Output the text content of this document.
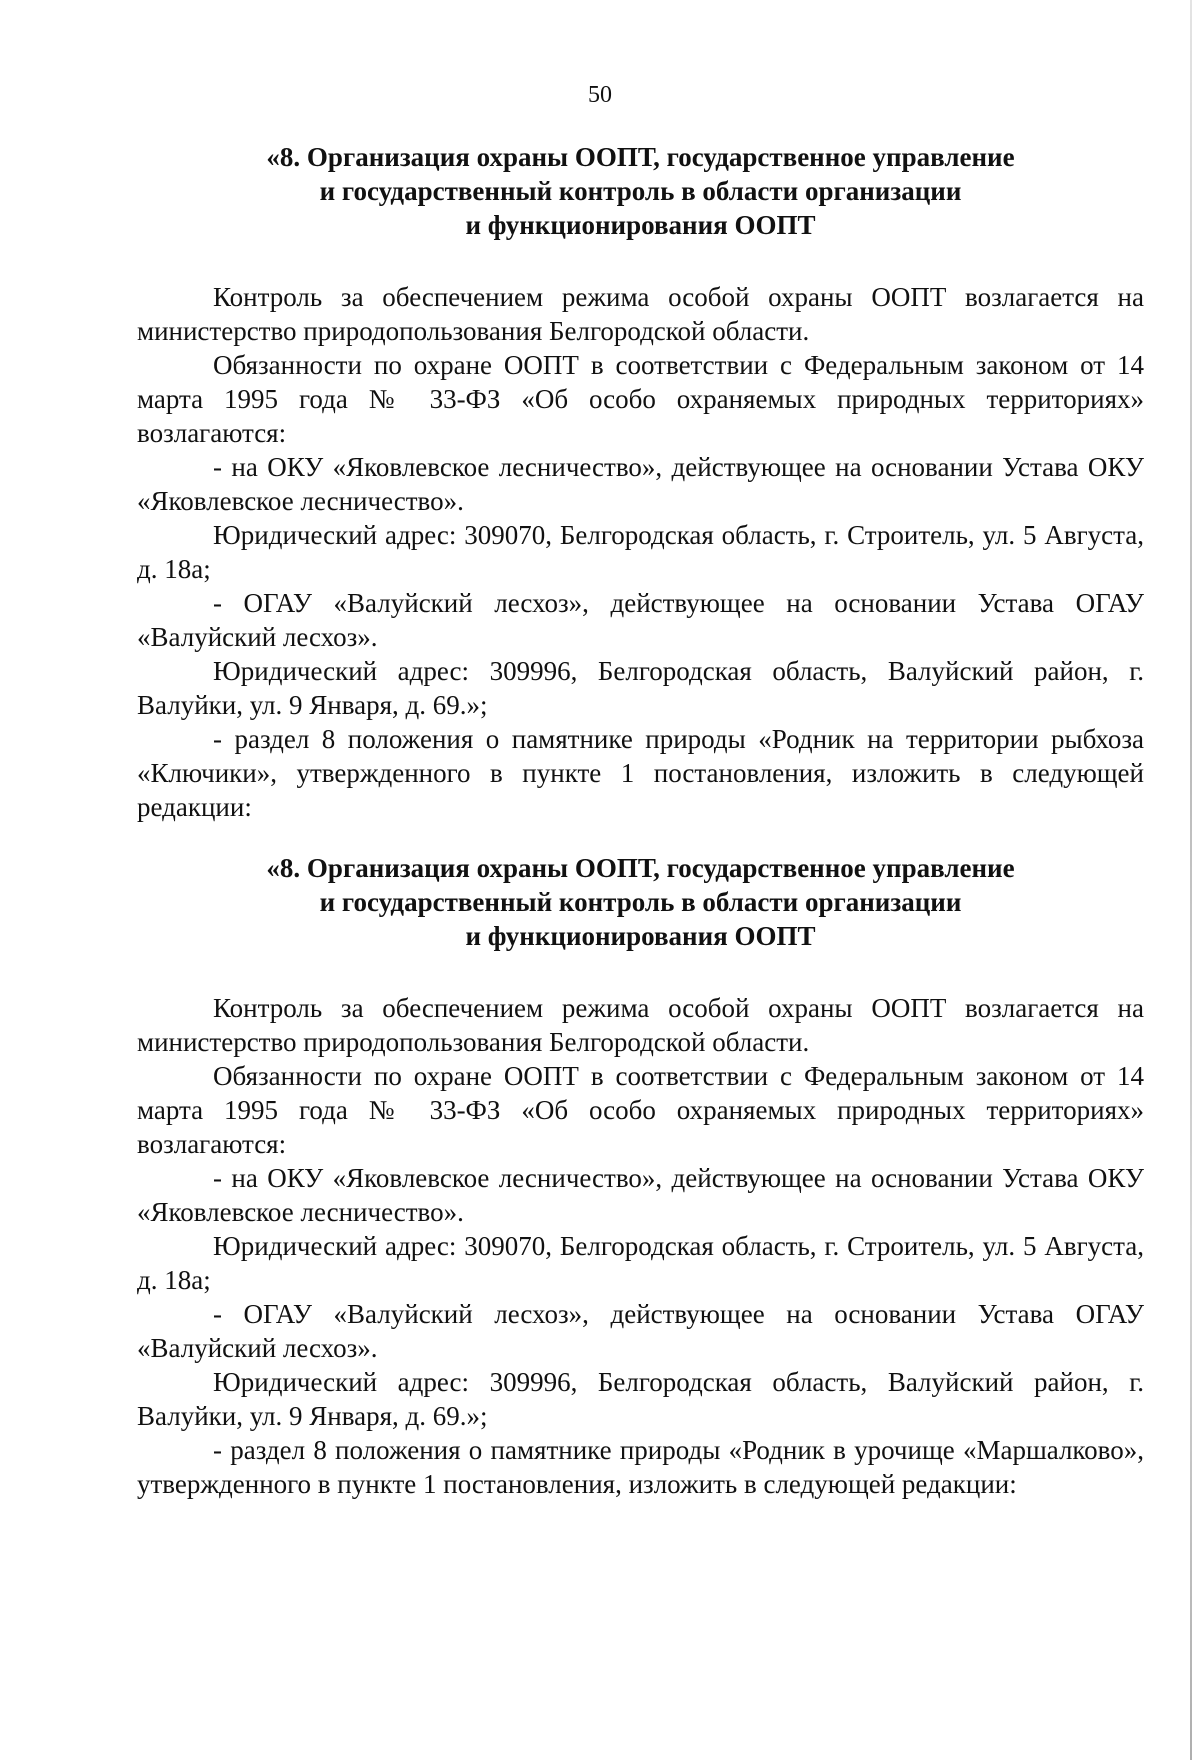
50
«8. Организация охраны ООПТ, государственное управление
и государственный контроль в области организации
и функционирования ООПТ

Контроль за обеспечением режима особой охраны ООПТ возлагается на министерство природопользования Белгородской области.

Обязанности по охране ООПТ в соответствии с Федеральным законом от 14 марта 1995 года № 33-ФЗ «Об особо охраняемых природных территориях» возлагаются:

- на ОКУ «Яковлевское лесничество», действующее на основании Устава ОКУ «Яковлевское лесничество».

Юридический адрес: 309070, Белгородская область, г. Строитель, ул. 5 Августа, д. 18а;

- ОГАУ «Валуйский лесхоз», действующее на основании Устава ОГАУ «Валуйский лесхоз».

Юридический адрес: 309996, Белгородская область, Валуйский район, г. Валуйки, ул. 9 Января, д. 69.»;

- раздел 8 положения о памятнике природы «Родник на территории рыбхоза «Ключики», утвержденного в пункте 1 постановления, изложить в следующей редакции:

«8. Организация охраны ООПТ, государственное управление
и государственный контроль в области организации
и функционирования ООПТ

Контроль за обеспечением режима особой охраны ООПТ возлагается на министерство природопользования Белгородской области.

Обязанности по охране ООПТ в соответствии с Федеральным законом от 14 марта 1995 года № 33-ФЗ «Об особо охраняемых природных территориях» возлагаются:

- на ОКУ «Яковлевское лесничество», действующее на основании Устава ОКУ «Яковлевское лесничество».

Юридический адрес: 309070, Белгородская область, г. Строитель, ул. 5 Августа, д. 18а;

- ОГАУ «Валуйский лесхоз», действующее на основании Устава ОГАУ «Валуйский лесхоз».

Юридический адрес: 309996, Белгородская область, Валуйский район, г. Валуйки, ул. 9 Января, д. 69.»;

- раздел 8 положения о памятнике природы «Родник в урочище «Маршалково», утвержденного в пункте 1 постановления, изложить в следующей редакции:
